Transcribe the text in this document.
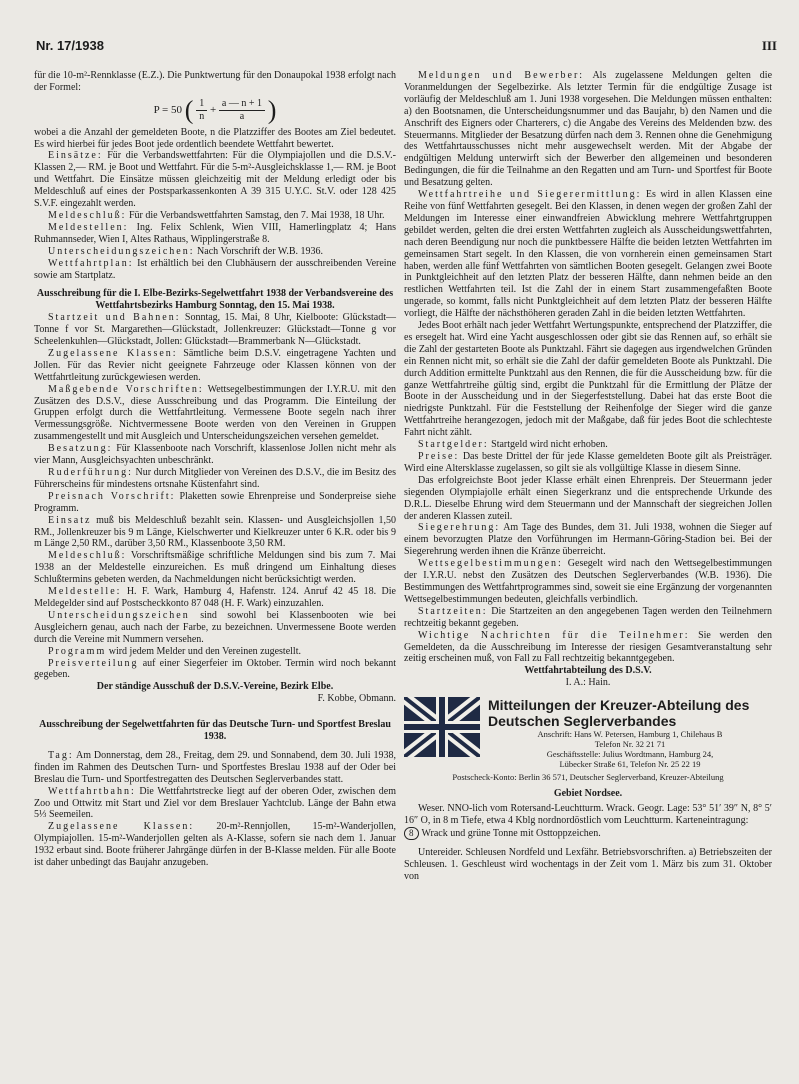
Nr. 17/1938	III

für die 10-m²-Rennklasse (E.Z.). Die Punktwertung für den Donaupokal 1938 erfolgt nach der Formel:

P = 50 ( $\frac{1}{n} + \frac{a — n + 1}{a}$ )

wobei a die Anzahl der gemeldeten Boote, n die Platzziffer des Bootes am Ziel bedeutet. Es wird hierbei für jedes Boot jede ordentlich beendete Wettfahrt bewertet.

Einsätze: Für die Verbandswettfahrten: Für die Olympiajollen und die D.S.V.-Klassen 2,— RM. je Boot und Wettfahrt. Für die 5-m²-Ausgleichsklasse 1,— RM. je Boot und Wettfahrt. Die Einsätze müssen gleichzeitig mit der Meldung erledigt oder bis Meldeschluß auf eines der Postsparkassenkonten A 39 315 U.Y.C. St.V. oder 128 425 S.V.F. eingezahlt werden.

Meldeschluß: Für die Verbandswettfahrten Samstag, den 7. Mai 1938, 18 Uhr.

Meldestellen: Ing. Felix Schlenk, Wien VIII, Hamerlingplatz 4; Hans Ruhmannseder, Wien I, Altes Rathaus, Wipplingerstraße 8.

Unterscheidungszeichen: Nach Vorschrift der W.B. 1936.

Wettfahrtplan: Ist erhältlich bei den Clubhäusern der ausschreibenden Vereine sowie am Startplatz.

Ausschreibung für die I. Elbe-Bezirks-Segelwettfahrt 1938 der Verbandsvereine des Wettfahrtsbezirks Hamburg Sonntag, den 15. Mai 1938.

Startzeit und Bahnen: Sonntag, 15. Mai, 8 Uhr, Kielboote: Glückstadt—Tonne f vor St. Margarethen—Glückstadt, Jollenkreuzer: Glückstadt—Tonne g vor Scheelenkuhlen—Glückstadt, Jollen: Glückstadt—Brammerbank N—Glückstadt.

Zugelassene Klassen: Sämtliche beim D.S.V. eingetragene Yachten und Jollen. Für das Revier nicht geeignete Fahrzeuge oder Klassen können von der Wettfahrtleitung zurückgewiesen werden.

Maßgebende Vorschriften: Wettsegelbestimmungen der I.Y.R.U. mit den Zusätzen des D.S.V., diese Ausschreibung und das Programm. Die Einteilung der Gruppen erfolgt durch die Wettfahrtleitung. Vermessene Boote segeln nach ihrer Vermessungsgröße. Nichtvermessene Boote werden von den Vereinen in Gruppen zusammengestellt und mit Ausgleich und Unterscheidungszeichen versehen gemeldet.

Besatzung: Für Klassenboote nach Vorschrift, klassenlose Jollen nicht mehr als vier Mann, Ausgleichsyachten unbeschränkt.

Ruderführung: Nur durch Mitglieder von Vereinen des D.S.V., die im Besitz des Führerscheins für mindestens ortsnahe Küstenfahrt sind.

Preisnach Vorschrift: Plaketten sowie Ehrenpreise und Sonderpreise siehe Programm.

Einsatz muß bis Meldeschluß bezahlt sein. Klassen- und Ausgleichsjollen 1,50 RM., Jollenkreuzer bis 9 m Länge, Kielschwerter und Kielkreuzer unter 6 K.R. oder bis 9 m Länge 2,50 RM., darüber 3,50 RM., Klassenboote 3,50 RM.

Meldeschluß: Vorschriftsmäßige schriftliche Meldungen sind bis zum 7. Mai 1938 an der Meldestelle einzureichen. Es muß dringend um Einhaltung dieses Schlußtermins gebeten werden, da Nachmeldungen nicht berücksichtigt werden.

Meldestelle: H. F. Wark, Hamburg 4, Hafenstr. 124. Anruf 42 45 18. Die Meldegelder sind auf Postscheckkonto 87 048 (H. F. Wark) einzuzahlen.

Unterscheidungszeichen sind sowohl bei Klassenbooten wie bei Ausgleichern genau, auch nach der Farbe, zu bezeichnen. Unvermessene Boote werden durch die Vereine mit Nummern versehen.

Programm wird jedem Melder und den Vereinen zugestellt.

Preisverteilung auf einer Siegerfeier im Oktober. Termin wird noch bekannt gegeben.

Der ständige Ausschuß der D.S.V.-Vereine, Bezirk Elbe.

F. Kobbe, Obmann.

Ausschreibung der Segelwettfahrten für das Deutsche Turn- und Sportfest Breslau 1938.

Tag: Am Donnerstag, dem 28., Freitag, dem 29. und Sonnabend, dem 30. Juli 1938, finden im Rahmen des Deutschen Turn- und Sportfestes Breslau 1938 auf der Oder bei Breslau die Turn- und Sportfestregatten des Deutschen Seglerverbandes statt.

Wettfahrtbahn: Die Wettfahrtstrecke liegt auf der oberen Oder, zwischen dem Zoo und Ottwitz mit Start und Ziel vor dem Breslauer Yachtclub. Länge der Bahn etwa 5⅓ Seemeilen.

Zugelassene Klassen: 20-m²-Rennjollen, 15-m²-Wanderjollen, Olympiajollen. 15-m²-Wanderjollen gelten als A-Klasse, sofern sie nach dem 1. Januar 1932 erbaut sind. Boote früherer Jahrgänge dürfen in der B-Klasse melden. Für alle Boote ist daher unbedingt das Baujahr anzugeben.

Meldungen und Bewerber: Als zugelassene Meldungen gelten die Voranmeldungen der Segelbezirke. Als letzter Termin für die endgültige Zusage ist vorläufig der Meldeschluß am 1. Juni 1938 vorgesehen. Die Meldungen müssen enthalten: a) den Bootsnamen, die Unterscheidungsnummer und das Baujahr, b) den Namen und die Anschrift des Eigners oder Charterers, c) die Angabe des Vereins des Meldenden bzw. des Steuermanns. Mitglieder der Besatzung dürfen nach dem 3. Rennen ohne die Genehmigung des Wettfahrtausschusses nicht mehr ausgewechselt werden. Mit der Abgabe der endgültigen Meldung unterwirft sich der Bewerber den allgemeinen und besonderen Bedingungen, die für die Teilnahme an den Regatten und am Turn- und Sportfest für Boote und Besatzung gelten.

Wettfahrtreihe und Siegerermittlung: Es wird in allen Klassen eine Reihe von fünf Wettfahrten gesegelt. Bei den Klassen, in denen wegen der großen Zahl der Meldungen im Interesse einer einwandfreien Abwicklung mehrere Wettfahrtgruppen gebildet werden, gelten die drei ersten Wettfahrten zugleich als Ausscheidungswettfahrten, nach deren Beendigung nur noch die punktbessere Hälfte die beiden letzten Wettfahrten im gemeinsamen Start segelt. In den Klassen, die von vornherein einen gemeinsamen Start haben, werden alle fünf Wettfahrten von sämtlichen Booten gesegelt. Gelangen zwei Boote in Punktgleichheit auf den letzten Platz der besseren Hälfte, dann nehmen beide an den restlichen Wettfahrten teil. Ist die Zahl der in einem Start zusammengefaßten Boote ungerade, so kommt, falls nicht Punktgleichheit auf dem letzten Platz der besseren Hälfte vorliegt, die Hälfte der nächsthöheren geraden Zahl in die beiden letzten Wettfahrten.

Jedes Boot erhält nach jeder Wettfahrt Wertungspunkte, entsprechend der Platzziffer, die es ersegelt hat. Wird eine Yacht ausgeschlossen oder gibt sie das Rennen auf, so erhält sie die Zahl der gestarteten Boote als Punktzahl. Fährt sie dagegen aus irgendwelchen Gründen ein Rennen nicht mit, so erhält sie die Zahl der dafür gemeldeten Boote als Punktzahl. Die durch Addition ermittelte Punktzahl aus den Rennen, die für die Ausscheidung bzw. für die ganze Wettfahrtreihe gültig sind, ergibt die Punktzahl für die Ermittlung der Plätze der Boote in der Ausscheidung und in der Siegerfeststellung. Dabei hat das erste Boot die niedrigste Punktzahl. Für die Feststellung der Reihenfolge der Sieger wird die ganze Wettfahrtreihe herangezogen, jedoch mit der Maßgabe, daß für jedes Boot die schlechteste Fahrt nicht zählt.

Startgelder: Startgeld wird nicht erhoben.

Preise: Das beste Drittel der für jede Klasse gemeldeten Boote gilt als Preisträger. Wird eine Altersklasse zugelassen, so gilt sie als vollgültige Klasse in diesem Sinne.

Das erfolgreichste Boot jeder Klasse erhält einen Ehrenpreis. Der Steuermann jeder siegenden Olympiajolle erhält einen Siegerkranz und die entsprechende Urkunde des D.R.L. Dieselbe Ehrung wird dem Steuermann und der Mannschaft der siegreichen Jollen der anderen Klassen zuteil.

Siegerehrung: Am Tage des Bundes, dem 31. Juli 1938, wohnen die Sieger auf einem bevorzugten Platze den Vorführungen im Hermann-Göring-Stadion bei. Bei der Siegerehrung werden ihnen die Kränze überreicht.

Wettsegelbestimmungen: Gesegelt wird nach den Wettsegelbestimmungen der I.Y.R.U. nebst den Zusätzen des Deutschen Seglerverbandes (W.B. 1936). Die Bestimmungen des Wettfahrtprogrammes sind, soweit sie eine Ergänzung der vorgenannten Wettsegelbestimmungen bedeuten, gleichfalls verbindlich.

Startzeiten: Die Startzeiten an den angegebenen Tagen werden den Teilnehmern rechtzeitig bekannt gegeben.

Wichtige Nachrichten für die Teilnehmer: Sie werden den Gemeldeten, da die Ausschreibung im Interesse der riesigen Gesamtveranstaltung sehr zeitig erscheinen muß, von Fall zu Fall rechtzeitig bekanntgegeben.

Wettfahrtabteilung des D.S.V.

I. A.: Hain.

Mitteilungen der Kreuzer-Abteilung des Deutschen Seglerverbandes
Anschrift: Hans W. Petersen, Hamburg 1, Chilehaus B
Telefon Nr. 32 21 71
Geschäftsstelle: Julius Wordtmann, Hamburg 24,
Lübecker Straße 61, Telefon Nr. 25 22 19
Postscheck-Konto: Berlin 36 571, Deutscher Seglerverband, Kreuzer-Abteilung

Gebiet Nordsee.

Weser. NNO-lich vom Rotersand-Leuchtturm. Wrack. Geogr. Lage: 53° 51′ 39″ N, 8° 5′ 16″ O, in 8 m Tiefe, etwa 4 Kblg nordnordöstlich vom Leuchtturm. Karteneintragung:

8 Wrack und grüne Tonne mit Osttoppzeichen.

Untereider. Schleusen Nordfeld und Lexfähr. Betriebsvorschriften. a) Betriebszeiten der Schleusen. 1. Geschleust wird wochentags in der Zeit vom 1. März bis zum 31. Oktober von
